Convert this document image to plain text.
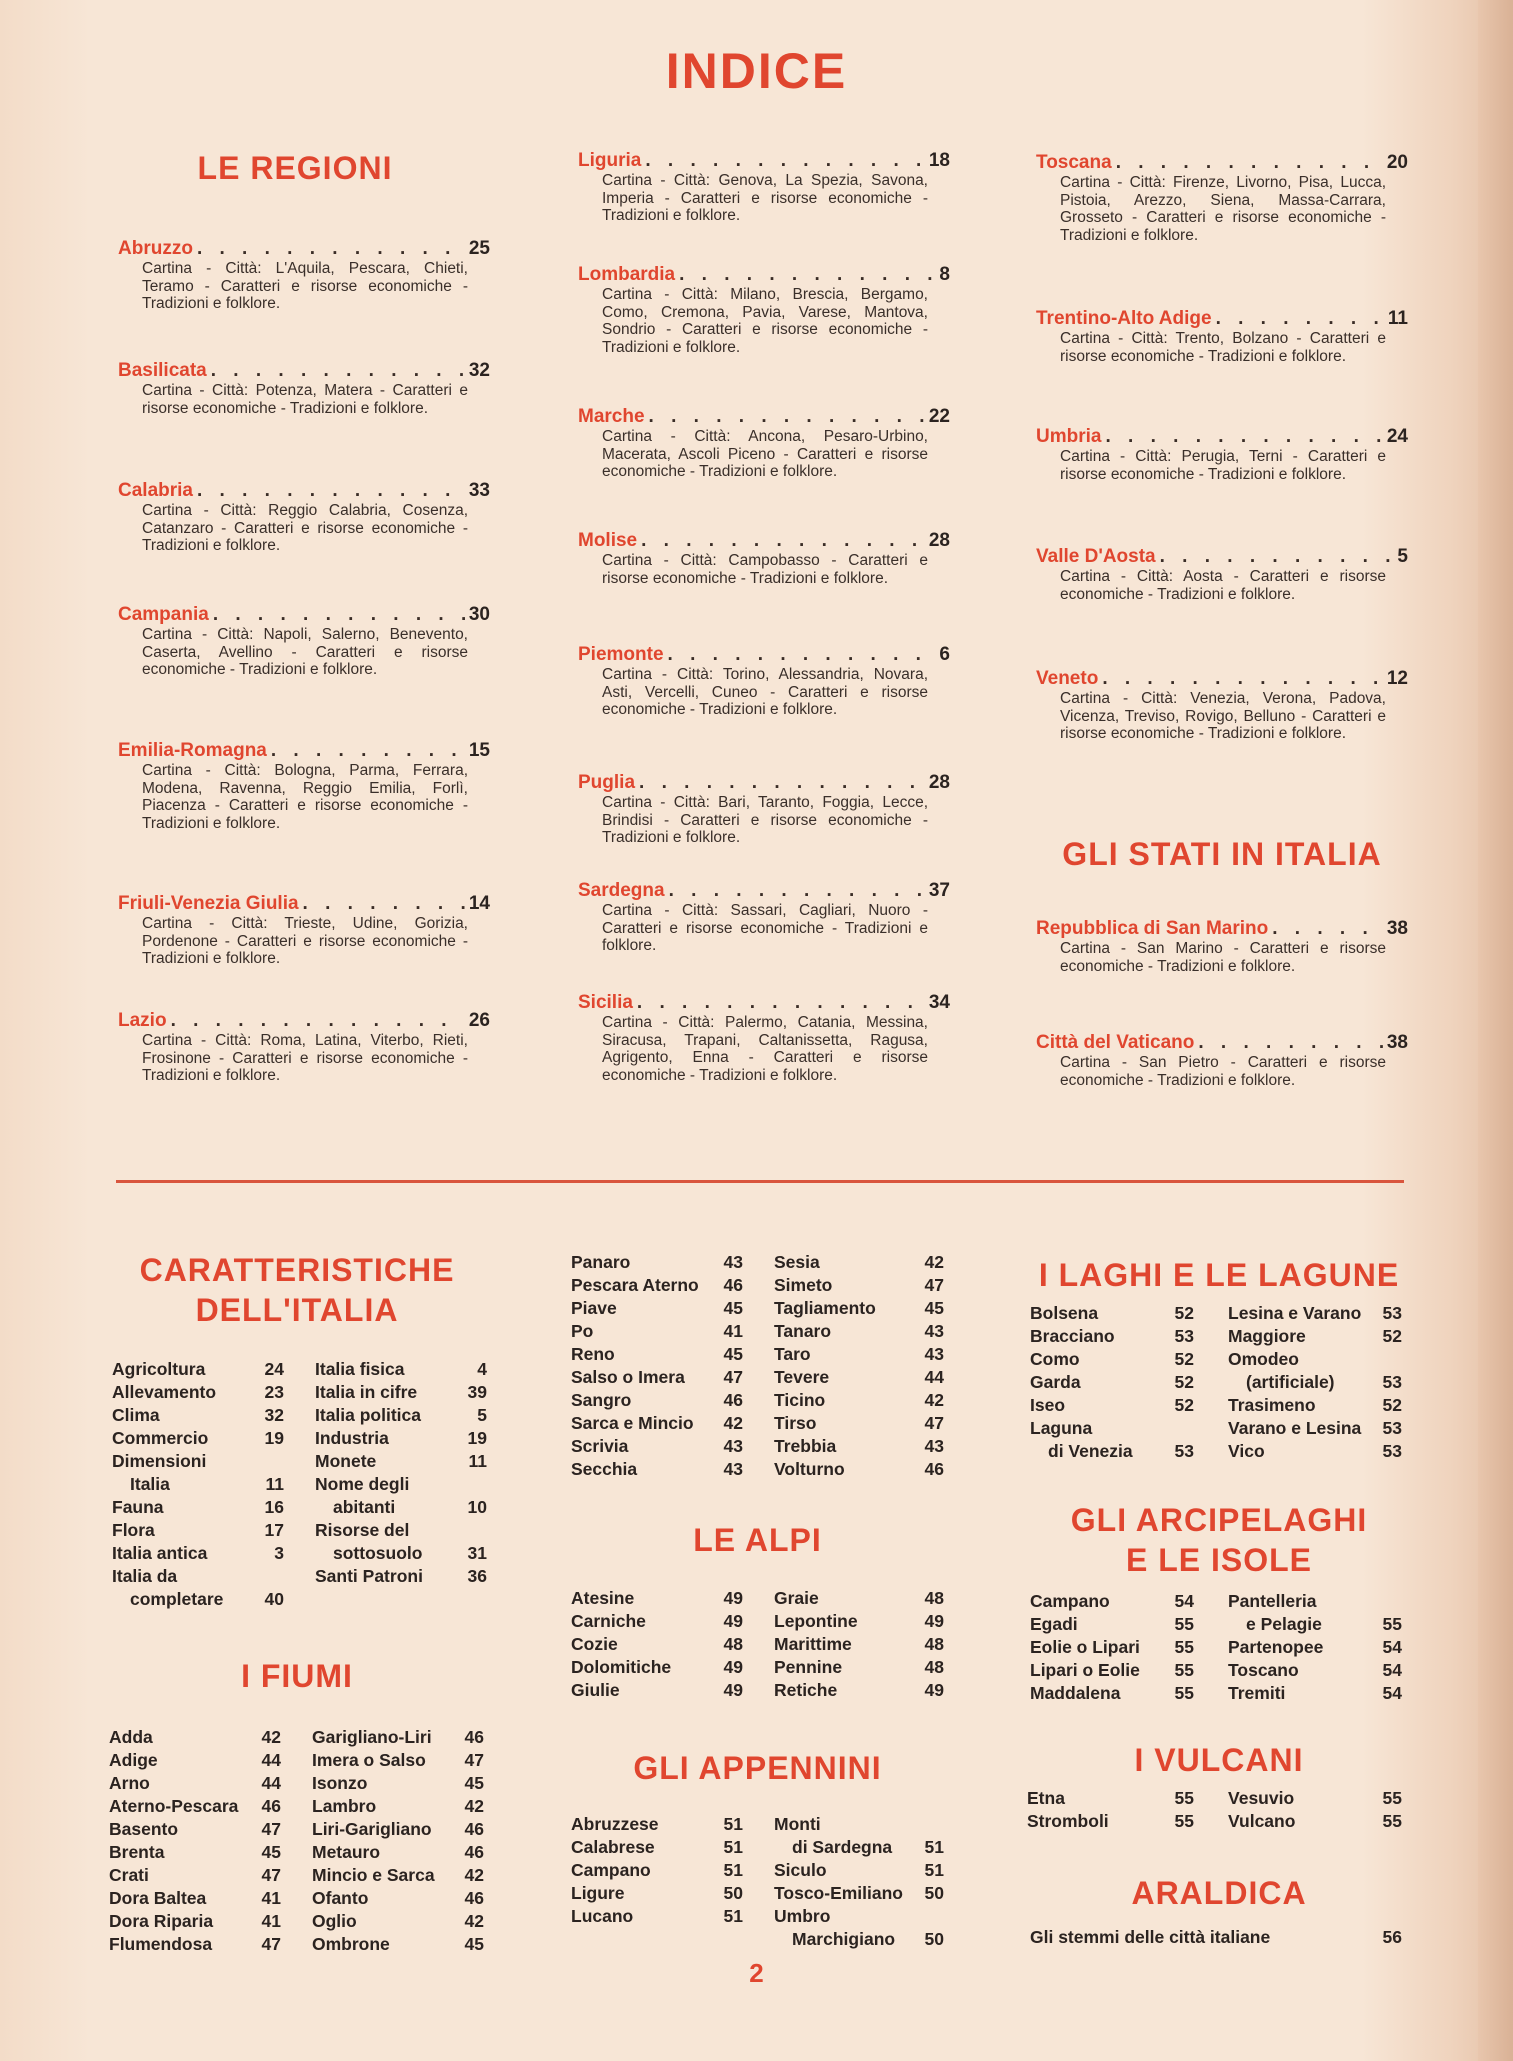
INDICE
LE REGIONI
Abruzzo . . .	25
Cartina - Città: L'Aquila, Pescara, Chieti, Teramo - Caratteri e risorse economiche - Tradizioni e folklore.
Basilicata . . .	32
Cartina - Città: Potenza, Matera - Caratteri e risorse economiche - Tradizioni e folklore.
Calabria . . .	33
Cartina - Città: Reggio Calabria, Cosenza, Catanzaro - Caratteri e risorse economiche - Tradizioni e folklore.
Campania . . .	30
Cartina - Città: Napoli, Salerno, Benevento, Caserta, Avellino - Caratteri e risorse economiche - Tradizioni e folklore.
Emilia-Romagna . . .	15
Cartina - Città: Bologna, Parma, Ferrara, Modena, Ravenna, Reggio Emilia, Forlì, Piacenza - Caratteri e risorse economiche - Tradizioni e folklore.
Friuli-Venezia Giulia . . .	14
Cartina - Città: Trieste, Udine, Gorizia, Pordenone - Caratteri e risorse economiche - Tradizioni e folklore.
Lazio . . .	26
Cartina - Città: Roma, Latina, Viterbo, Rieti, Frosinone - Caratteri e risorse economiche - Tradizioni e folklore.
Liguria . . .	18
Cartina - Città: Genova, La Spezia, Savona, Imperia - Caratteri e risorse economiche - Tradizioni e folklore.
Lombardia . . .	8
Cartina - Città: Milano, Brescia, Bergamo, Como, Cremona, Pavia, Varese, Mantova, Sondrio - Caratteri e risorse economiche - Tradizioni e folklore.
Marche . . .	22
Cartina - Città: Ancona, Pesaro-Urbino, Macerata, Ascoli Piceno - Caratteri e risorse economiche - Tradizioni e folklore.
Molise . . .	28
Cartina - Città: Campobasso - Caratteri e risorse economiche - Tradizioni e folklore.
Piemonte . . .	6
Cartina - Città: Torino, Alessandria, Novara, Asti, Vercelli, Cuneo - Caratteri e risorse economiche - Tradizioni e folklore.
Puglia . . .	28
Cartina - Città: Bari, Taranto, Foggia, Lecce, Brindisi - Caratteri e risorse economiche - Tradizioni e folklore.
Sardegna . . .	37
Cartina - Città: Sassari, Cagliari, Nuoro - Caratteri e risorse economiche - Tradizioni e folklore.
Sicilia . . .	34
Cartina - Città: Palermo, Catania, Messina, Siracusa, Trapani, Caltanissetta, Ragusa, Agrigento, Enna - Caratteri e risorse economiche - Tradizioni e folklore.
Toscana . . .	20
Cartina - Città: Firenze, Livorno, Pisa, Lucca, Pistoia, Arezzo, Siena, Massa-Carrara, Grosseto - Caratteri e risorse economiche - Tradizioni e folklore.
Trentino-Alto Adige . . .	11
Cartina - Città: Trento, Bolzano - Caratteri e risorse economiche - Tradizioni e folklore.
Umbria . . .	24
Cartina - Città: Perugia, Terni - Caratteri e risorse economiche - Tradizioni e folklore.
Valle D'Aosta . . .	5
Cartina - Città: Aosta - Caratteri e risorse economiche - Tradizioni e folklore.
Veneto . . .	12
Cartina - Città: Venezia, Verona, Padova, Vicenza, Treviso, Rovigo, Belluno - Caratteri e risorse economiche - Tradizioni e folklore.
GLI STATI IN ITALIA
Repubblica di San Marino . . .	38
Cartina - San Marino - Caratteri e risorse economiche - Tradizioni e folklore.
Città del Vaticano . . .	38
Cartina - San Pietro - Caratteri e risorse economiche - Tradizioni e folklore.
CARATTERISTICHE
DELL'ITALIA
Agricoltura	24
Allevamento	23
Clima	32
Commercio	19
Dimensioni
Italia	11
Fauna	16
Flora	17
Italia antica	3
Italia da
completare 40
Italia fisica	4
Italia in cifre	39
Italia politica	5
Industria	19
Monete	11
Nome degli
abitanti	10
Risorse del
sottosuolo	31
Santi Patroni	36
I FIUMI
Adda	42
Adige	44
Arno	44
Aterno-Pescara 46
Basento	47
Brenta	45
Crati	47
Dora Baltea	41
Dora Riparia	41
Flumendosa	47
Garigliano-Liri 46
Imera o Salso 47
Isonzo	45
Lambro	42
Liri-Garigliano 46
Metauro	46
Mincio e Sarca 42
Ofanto	46
Oglio	42
Ombrone	45
Panaro	43
Pescara Aterno 46
Piave	45
Po	41
Reno	45
Salso o Imera 47
Sangro	46
Sarca e Mincio 42
Scrivia	43
Secchia	43
Sesia	42
Simeto	47
Tagliamento	45
Tanaro	43
Taro	43
Tevere	44
Ticino	42
Tirso	47
Trebbia	43
Volturno	46
LE ALPI
Atesine	49
Carniche	49
Cozie	48
Dolomitiche	49
Giulie	49
Graie	48
Lepontine	49
Marittime	48
Pennine	48
Retiche	49
GLI APPENNINI
Abruzzese	51
Calabrese	51
Campano	51
Ligure	50
Lucano	51
Monti
di Sardegna 51
Siculo	51
Tosco-Emiliano 50
Umbro
Marchigiano 50
I LAGHI E LE LAGUNE
Bolsena	52
Bracciano	53
Como	52
Garda	52
Iseo	52
Laguna
di Venezia 53
Lesina e Varano 53
Maggiore	52
Omodeo
(artificiale)	53
Trasimeno	52
Varano e Lesina 53
Vico	53
GLI ARCIPELAGHI
E LE ISOLE
Campano	54
Egadi	55
Eolie o Lipari 55
Lipari o Eolie 55
Maddalena	55
Pantelleria
e Pelagie	55
Partenopee	54
Toscano	54
Tremiti	54
I VULCANI
Etna	55
Stromboli	55
Vesuvio	55
Vulcano	55
ARALDICA
Gli stemmi delle città italiane	56
2
